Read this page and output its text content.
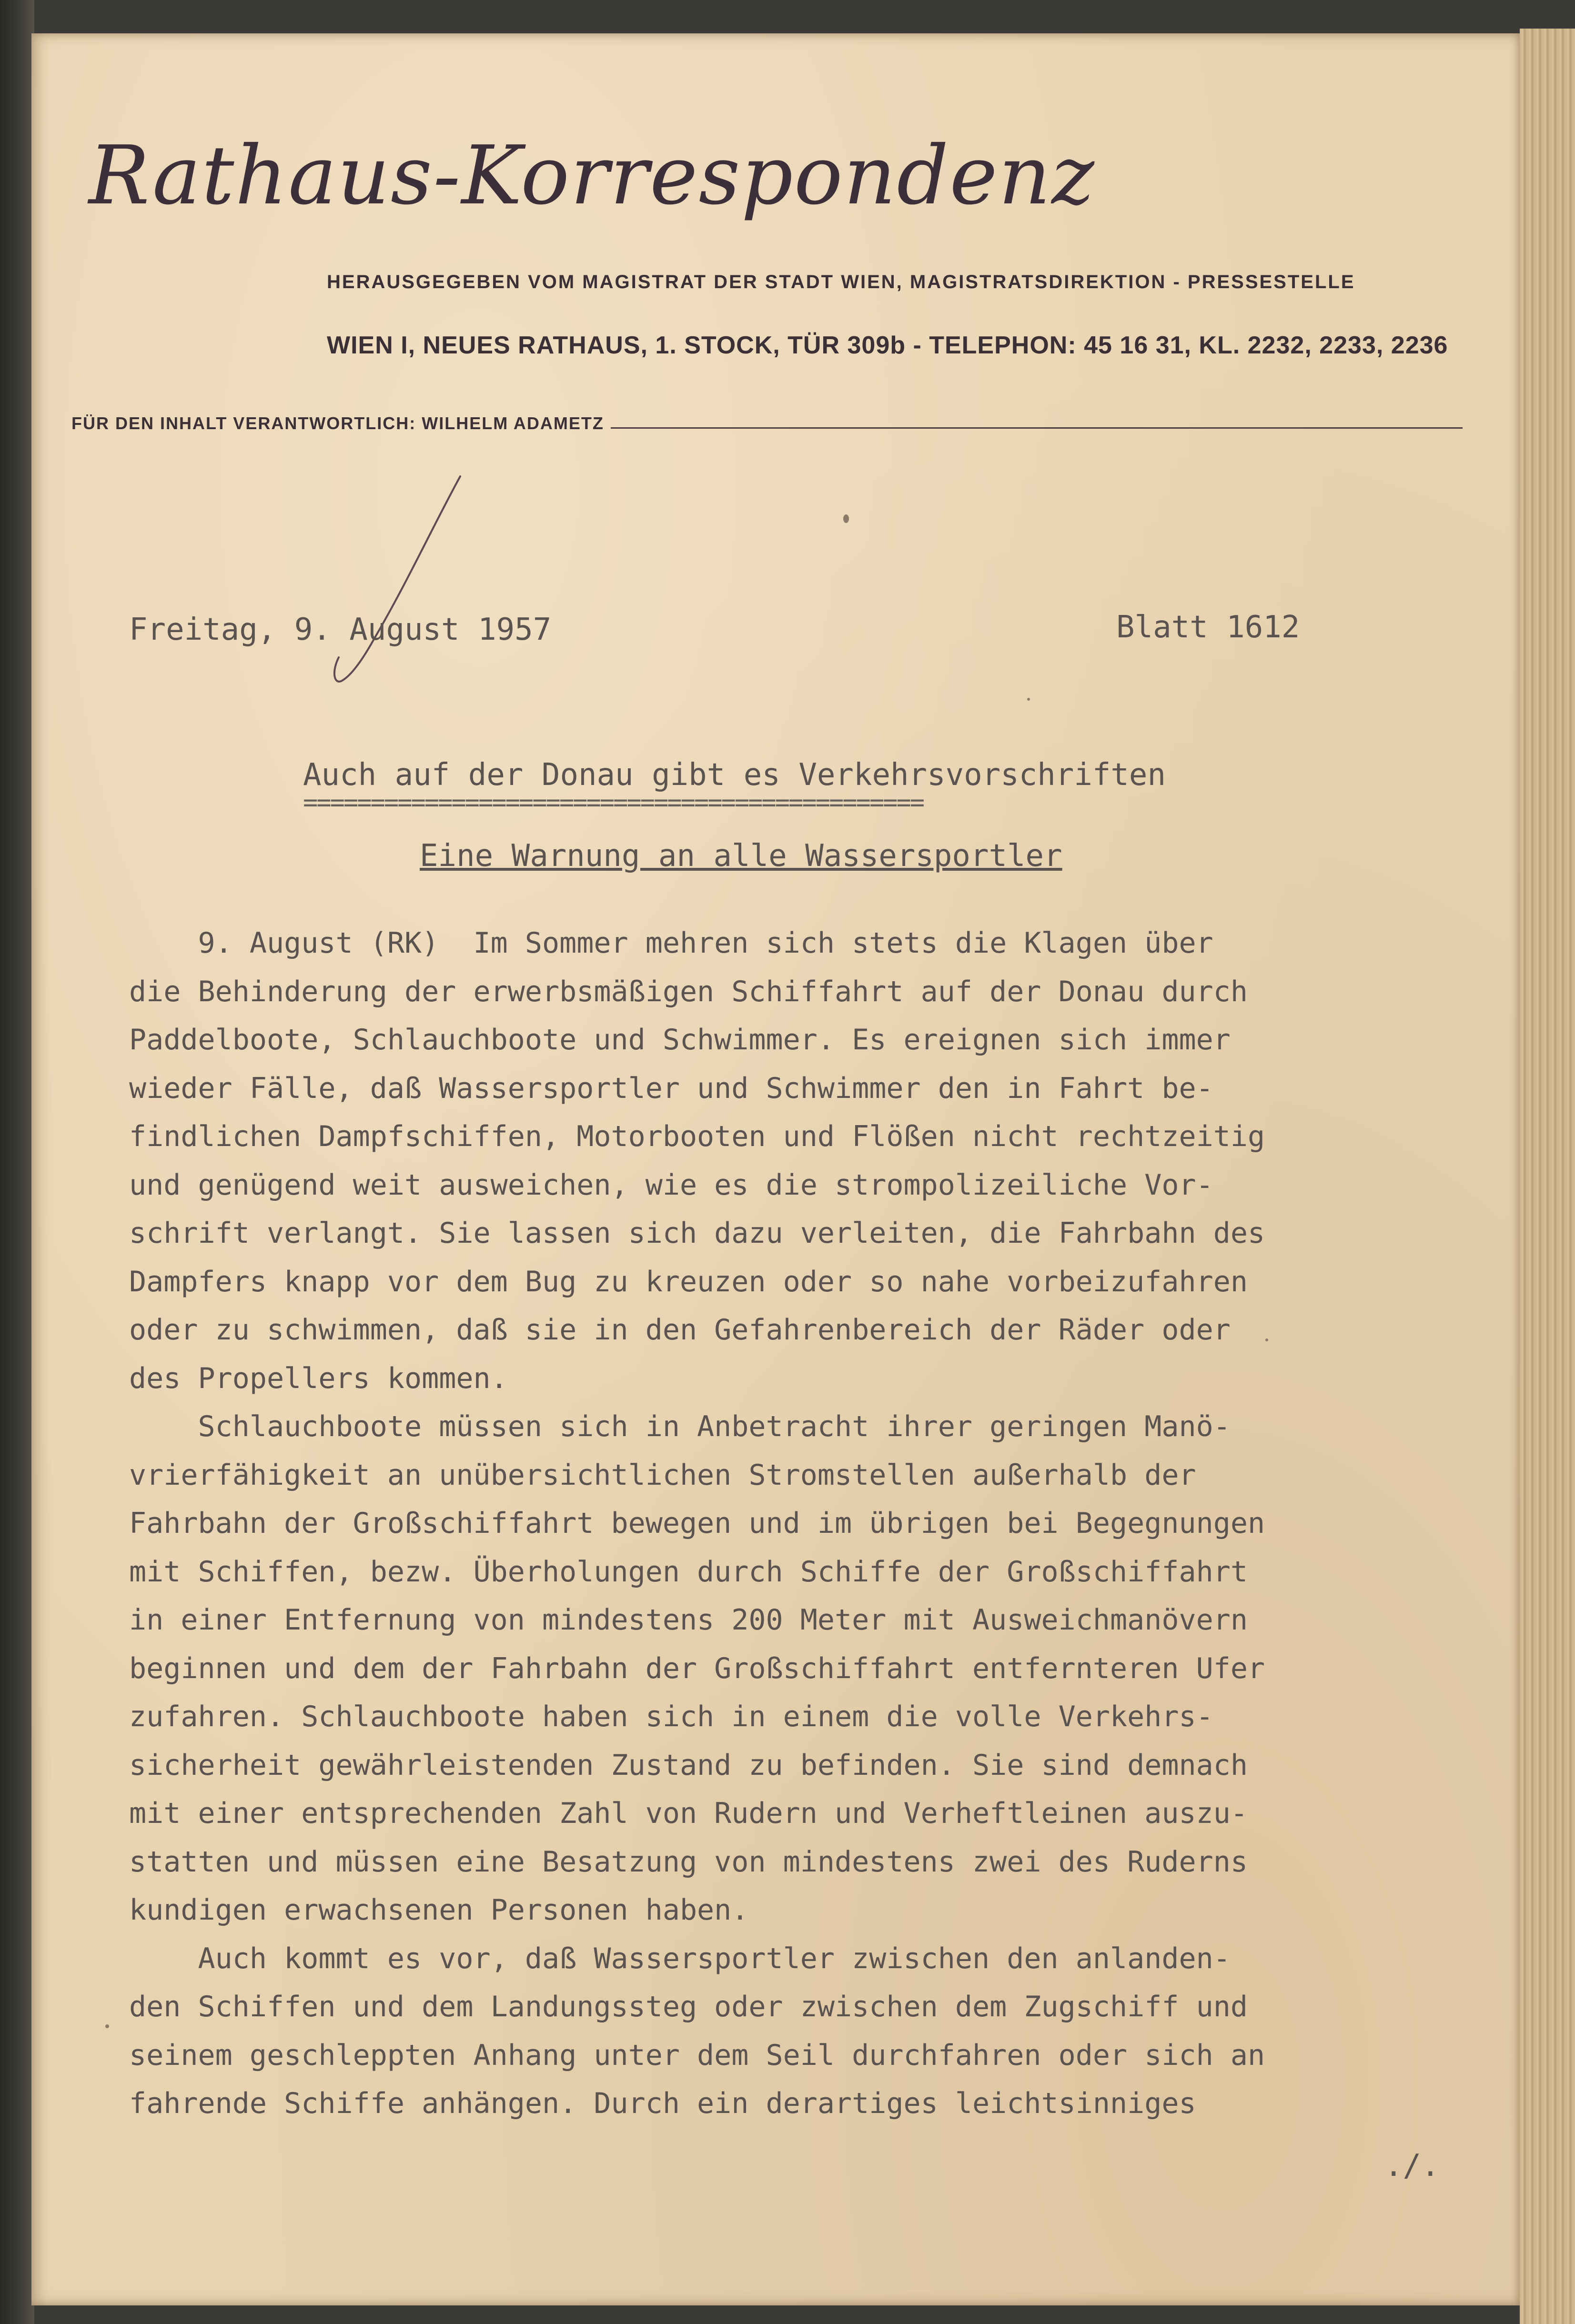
Rathaus-Korrespondenz
HERAUSGEGEBEN VOM MAGISTRAT DER STADT WIEN, MAGISTRATSDIREKTION - PRESSESTELLE
WIEN I, NEUES RATHAUS, 1. STOCK, TÜR 309b - TELEPHON: 45 16 31, KL. 2232, 2233, 2236
FÜR DEN INHALT VERANTWORTLICH: WILHELM ADAMETZ
Freitag, 9. August 1957	Blatt 1612
Auch auf der Donau gibt es Verkehrsvorschriften
==============================================
Eine Warnung an alle Wassersportler
9. August (RK)  Im Sommer mehren sich stets die Klagen über
die Behinderung der erwerbsmäßigen Schiffahrt auf der Donau durch
Paddelboote, Schlauchboote und Schwimmer. Es ereignen sich immer
wieder Fälle, daß Wassersportler und Schwimmer den in Fahrt be-
findlichen Dampfschiffen, Motorbooten und Flößen nicht rechtzeitig
und genügend weit ausweichen, wie es die strompolizeiliche Vor-
schrift verlangt. Sie lassen sich dazu verleiten, die Fahrbahn des
Dampfers knapp vor dem Bug zu kreuzen oder so nahe vorbeizufahren
oder zu schwimmen, daß sie in den Gefahrenbereich der Räder oder
des Propellers kommen.
Schlauchboote müssen sich in Anbetracht ihrer geringen Manö-
vrierfähigkeit an unübersichtlichen Stromstellen außerhalb der
Fahrbahn der Großschiffahrt bewegen und im übrigen bei Begegnungen
mit Schiffen, bezw. Überholungen durch Schiffe der Großschiffahrt
in einer Entfernung von mindestens 200 Meter mit Ausweichmanövern
beginnen und dem der Fahrbahn der Großschiffahrt entfernteren Ufer
zufahren. Schlauchboote haben sich in einem die volle Verkehrs-
sicherheit gewährleistenden Zustand zu befinden. Sie sind demnach
mit einer entsprechenden Zahl von Rudern und Verheftleinen auszu-
statten und müssen eine Besatzung von mindestens zwei des Ruderns
kundigen erwachsenen Personen haben.
Auch kommt es vor, daß Wassersportler zwischen den anlanden-
den Schiffen und dem Landungssteg oder zwischen dem Zugschiff und
seinem geschleppten Anhang unter dem Seil durchfahren oder sich an
fahrende Schiffe anhängen. Durch ein derartiges leichtsinniges
./.
